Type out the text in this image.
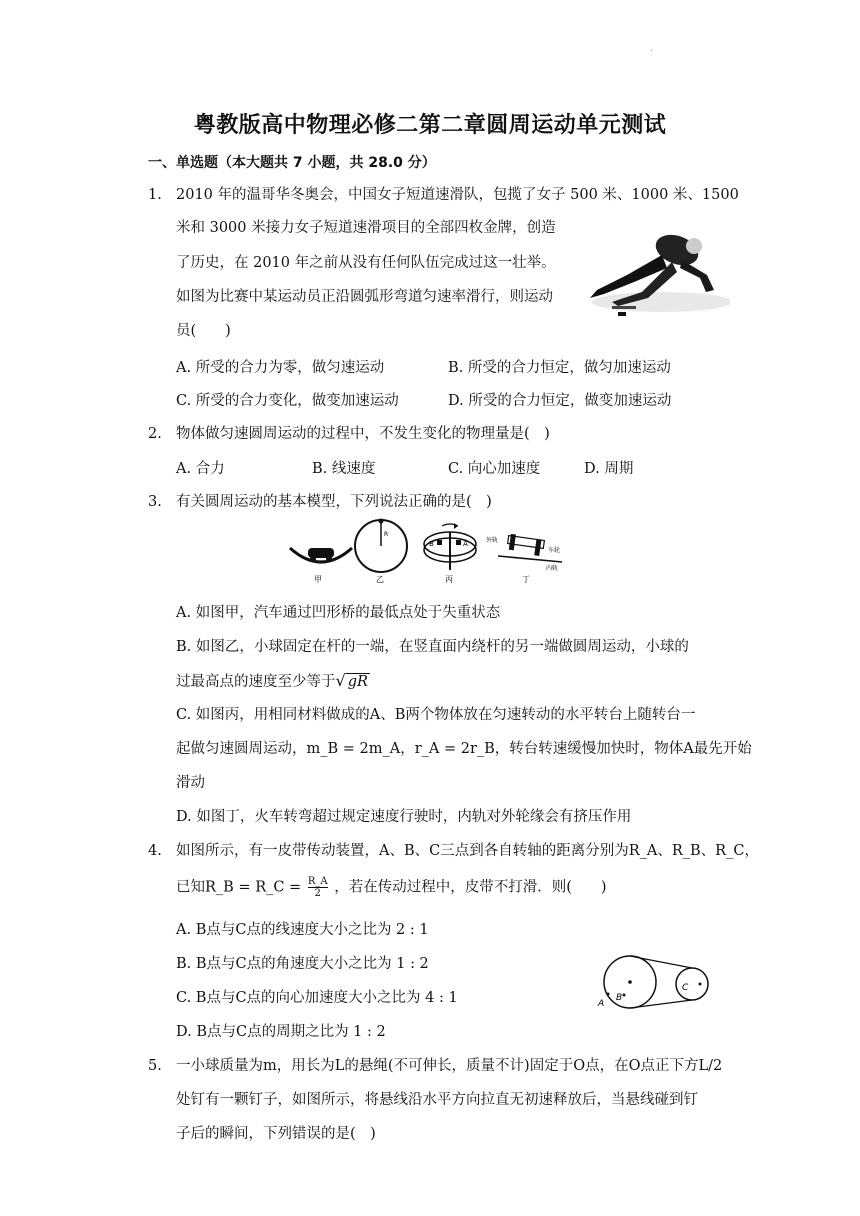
.
粤教版高中物理必修二第二章圆周运动单元测试
一、单选题（本大题共 7 小题，共 28.0 分）
1. 2010 年的温哥华冬奥会，中国女子短道速滑队，包揽了女子 500 米、1000 米、1500
米和 3000 米接力女子短道速滑项目的全部四枚金牌，创造
了历史，在 2010 年之前从没有任何队伍完成过这一壮举。
如图为比赛中某运动员正沿圆弧形弯道匀速率滑行，则运动
员(　　)
A. 所受的合力为零，做匀速运动	B. 所受的合力恒定，做匀加速运动
C. 所受的合力变化，做变加速运动	D. 所受的合力恒定，做变加速运动
2. 物体做匀速圆周运动的过程中，不发生变化的物理量是(　)
A. 合力	B. 线速度	C. 向心加速度	D. 周期
3. 有关圆周运动的基本模型，下列说法正确的是(　)
甲
R
乙
B	A
丙
外轨
车轮
内轨
丁
A. 如图甲，汽车通过凹形桥的最低点处于失重状态
B. 如图乙，小球固定在杆的一端，在竖直面内绕杆的另一端做圆周运动，小球的
过最高点的速度至少等于√ gR
C. 如图丙，用相同材料做成的A、B两个物体放在匀速转动的水平转台上随转台一
起做匀速圆周运动，m_B = 2m_A，r_A = 2r_B，转台转速缓慢加快时，物体A最先开始
滑动
D. 如图丁，火车转弯超过规定速度行驶时，内轨对外轮缘会有挤压作用
4. 如图所示，有一皮带传动装置，A、B、C三点到各自转轴的距离分别为R_A、R_B、R_C，
已知R_B = R_C = $\frac{R\_A}{2}$ ，若在传动过程中，皮带不打滑．则(　　)
A. B点与C点的线速度大小之比为 2 : 1
B. B点与C点的角速度大小之比为 1 : 2
C. B点与C点的向心加速度大小之比为 4 : 1
D. B点与C点的周期之比为 1 : 2
A
B
C
5. 一小球质量为m，用长为L的悬绳(不可伸长，质量不计)固定于O点，在O点正下方L/2
处钉有一颗钉子，如图所示，将悬线沿水平方向拉直无初速释放后，当悬线碰到钉
子后的瞬间，下列错误的是(　)
